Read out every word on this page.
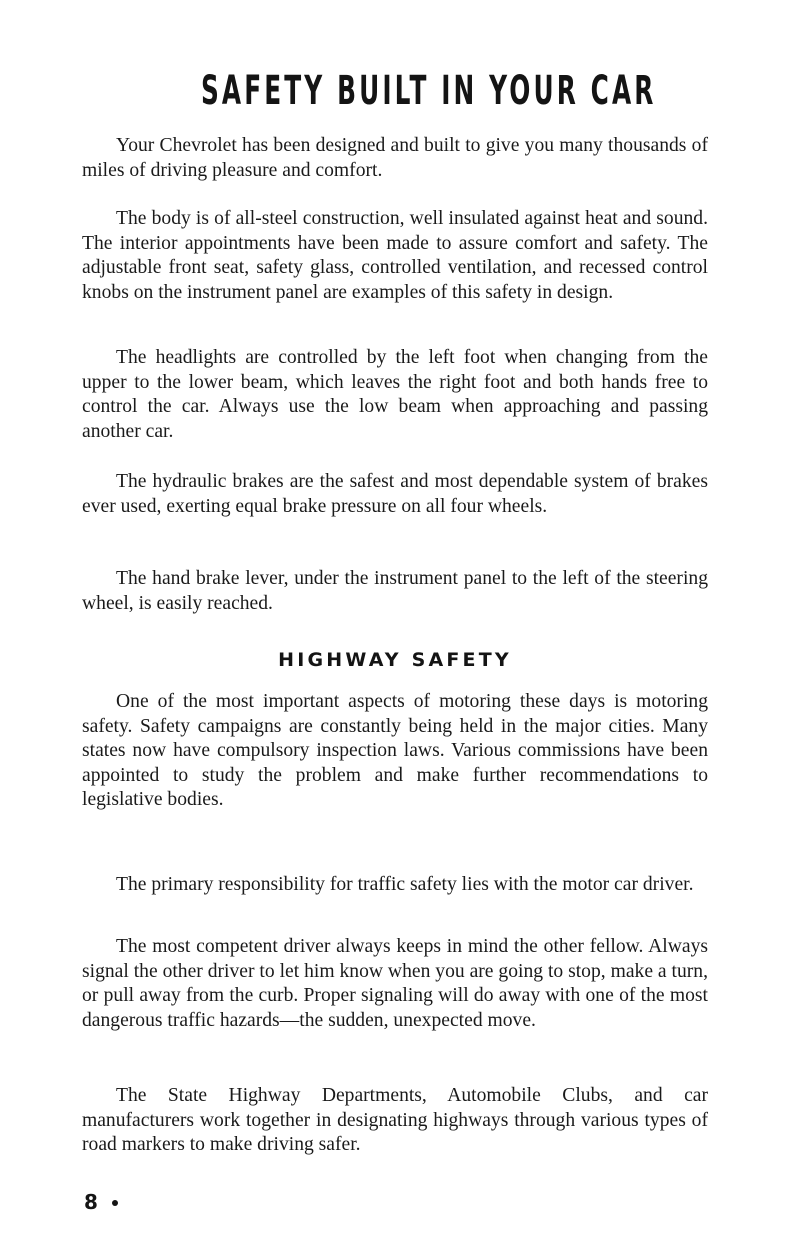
SAFETY BUILT IN YOUR CAR

Your Chevrolet has been designed and built to give you many thousands of miles of driving pleasure and comfort.

The body is of all-steel construction, well insulated against heat and sound. The interior appointments have been made to assure comfort and safety. The adjustable front seat, safety glass, controlled ventilation, and recessed control knobs on the instrument panel are examples of this safety in design.

The headlights are controlled by the left foot when changing from the upper to the lower beam, which leaves the right foot and both hands free to control the car. Always use the low beam when approaching and passing another car.

The hydraulic brakes are the safest and most dependable system of brakes ever used, exerting equal brake pressure on all four wheels.

The hand brake lever, under the instrument panel to the left of the steering wheel, is easily reached.

HIGHWAY SAFETY

One of the most important aspects of motoring these days is motoring safety. Safety campaigns are constantly being held in the major cities. Many states now have compulsory inspection laws. Various commissions have been appointed to study the problem and make further recommendations to legislative bodies.

The primary responsibility for traffic safety lies with the motor car driver.

The most competent driver always keeps in mind the other fellow. Always signal the other driver to let him know when you are going to stop, make a turn, or pull away from the curb. Proper signaling will do away with one of the most dangerous traffic hazards—the sudden, unexpected move.

The State Highway Departments, Automobile Clubs, and car manufacturers work together in designating highways through various types of road markers to make driving safer.

8
